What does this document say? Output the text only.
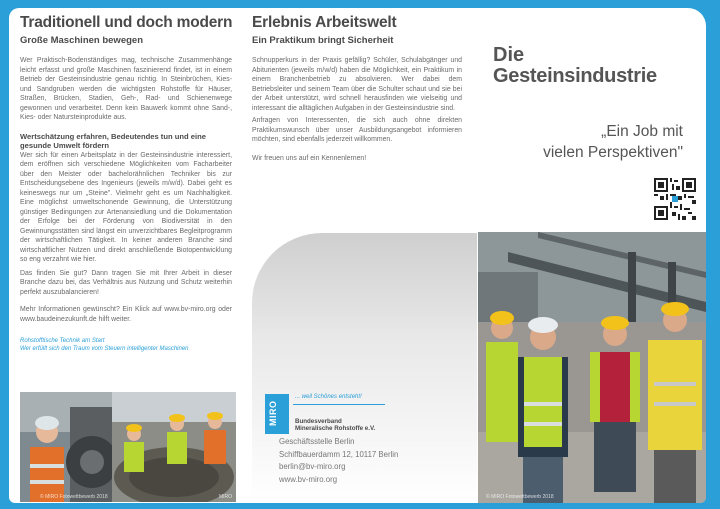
Traditionell und doch modern
Große Maschinen bewegen

Wer Praktisch-Bodenständiges mag, technische Zusammenhänge leicht erfasst und große Maschinen faszinierend findet, ist in einem Betrieb der Gesteinsindustrie genau richtig. In Steinbrüchen, Kies- und Sandgruben werden die wichtigsten Rohstoffe für Häuser, Straßen, Brücken, Stadien, Geh-, Rad- und Schienenwege gewonnen und verarbeitet. Denn kein Bauwerk kommt ohne Sand-, Kies- oder Natursteinprodukte aus.

Wertschätzung erfahren, Bedeutendes tun und eine gesunde Umwelt fördern

Wer sich für einen Arbeitsplatz in der Gesteinsindustrie interessiert, dem eröffnen sich verschiedene Möglichkeiten vom Facharbeiter über den Meister oder bachelorähnlichen Techniker bis zur Entscheidungsebene des Ingenieurs (jeweils m/w/d). Dabei geht es keineswegs nur um „Steine". Vielmehr geht es um Nachhaltigkeit. Eine möglichst umweltschonende Gewinnung, die Unterstützung günstiger Bedingungen zur Artenansiedlung und die Dokumentation der Erfolge bei der Förderung von Biodiversität in den Gewinnungsstätten sind längst ein unverzichtbares Begleitprogramm der wirtschaftlichen Tätigkeit. In keiner anderen Branche sind wirtschaftlicher Nutzen und direkt anschließende Biotopentwicklung so eng verzahnt wie hier.

Das finden Sie gut? Dann tragen Sie mit Ihrer Arbeit in dieser Branche dazu bei, das Verhältnis aus Nutzung und Schutz weiterhin perfekt auszubalancieren!

Mehr Informationen gewünscht? Ein Klick auf www.bv-miro.org oder www.baudeinezukunft.de hilft weiter.

Rohstofftische Technik am Start
Wer erfüllt sich den Traum vom Steuern intelligenter Maschinen
© MIRO Fotowettbewerb 2018	MIRO
Erlebnis Arbeitswelt
Ein Praktikum bringt Sicherheit

Schnupperkurs in der Praxis gefällig? Schüler, Schulabgänger und Abiturienten (jeweils m/w/d) haben die Möglichkeit, ein Praktikum in einem Branchenbetrieb zu absolvieren. Wer dabei dem Betriebsleiter und seinem Team über die Schulter schaut und sie bei der Arbeit unterstützt, wird schnell herausfinden wie vielseitig und interessant die alltäglichen Aufgaben in der Gesteinsindustrie sind.

Anfragen von Interessenten, die sich auch ohne direkten Praktikumswunsch über unser Ausbildungsangebot informieren möchten, sind ebenfalls jederzeit willkommen.

Wir freuen uns auf ein Kennenlernen!

MIRO
... weil Schönes entsteht!
Bundesverband
Mineralische Rohstoffe e.V.
Geschäftsstelle Berlin
Schiffbauerdamm 12, 10117 Berlin
berlin@bv-miro.org
www.bv-miro.org
Die
Gesteinsindustrie
„Ein Job mit
vielen Perspektiven"
© MIRO Fotowettbewerb 2018
